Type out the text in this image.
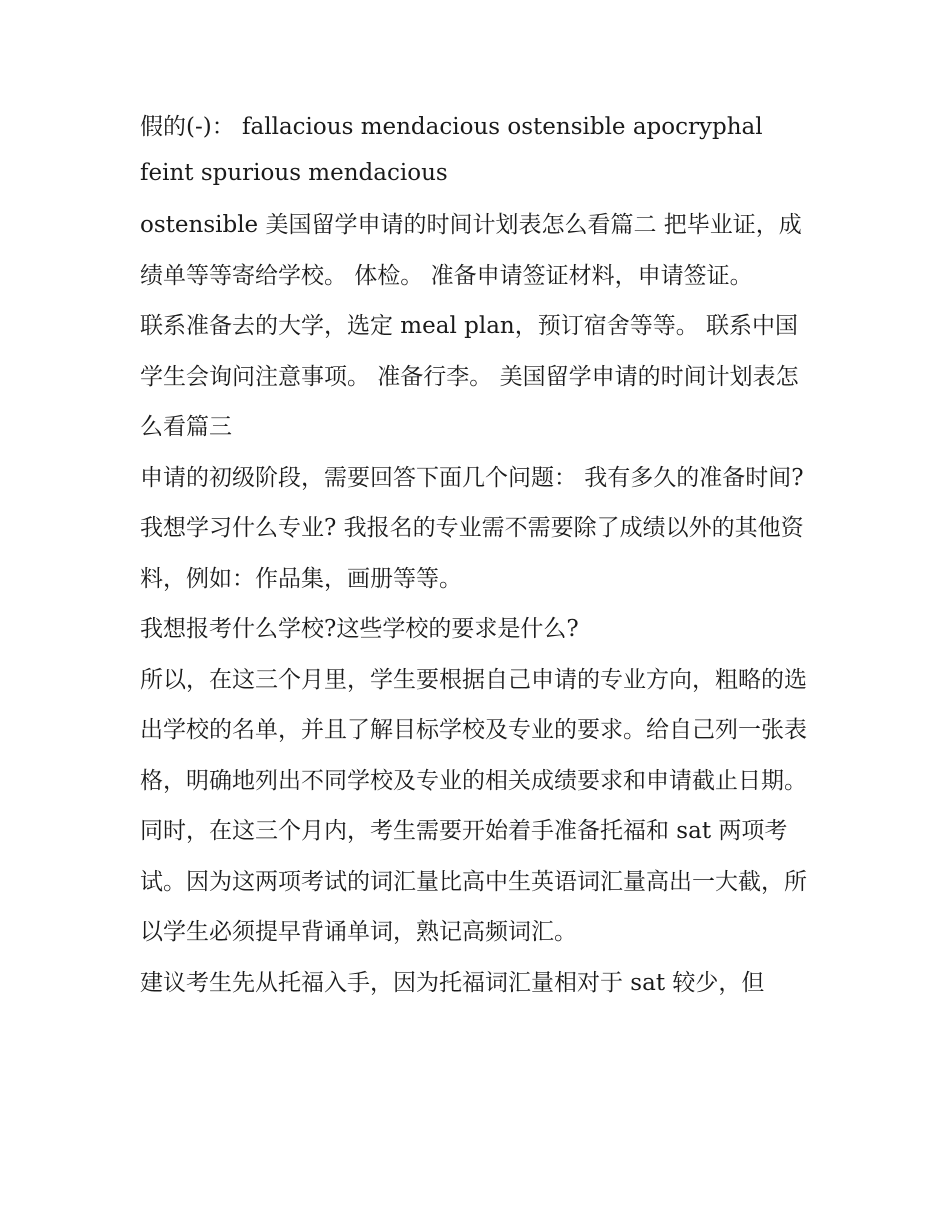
假的(-)： fallacious mendacious ostensible apocryphal feint spurious mendacious

ostensible 美国留学申请的时间计划表怎么看篇二 把毕业证，成绩单等等寄给学校。 体检。 准备申请签证材料，申请签证。

联系准备去的大学，选定 meal plan，预订宿舍等等。 联系中国学生会询问注意事项。 准备行李。 美国留学申请的时间计划表怎么看篇三

申请的初级阶段，需要回答下面几个问题： 我有多久的准备时间? 我想学习什么专业? 我报名的专业需不需要除了成绩以外的其他资料，例如：作品集，画册等等。

我想报考什么学校?这些学校的要求是什么?

所以，在这三个月里，学生要根据自己申请的专业方向，粗略的选出学校的名单，并且了解目标学校及专业的要求。给自己列一张表格，明确地列出不同学校及专业的相关成绩要求和申请截止日期。

同时，在这三个月内，考生需要开始着手准备托福和 sat 两项考试。因为这两项考试的词汇量比高中生英语词汇量高出一大截，所以学生必须提早背诵单词，熟记高频词汇。

建议考生先从托福入手，因为托福词汇量相对于 sat 较少，但
